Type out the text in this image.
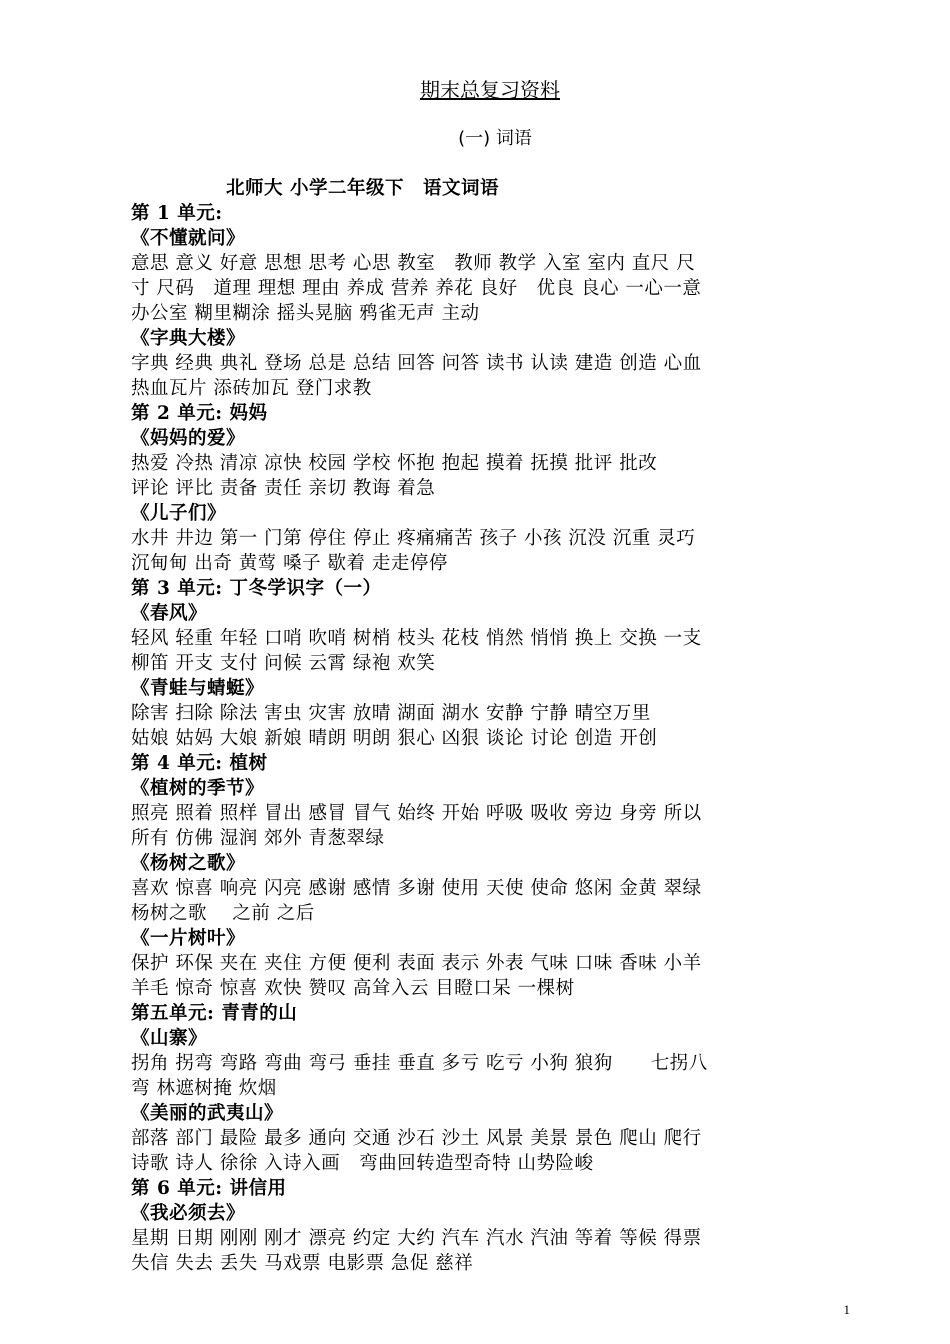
期末总复习资料
(一) 词语
北师大 小学二年级下　语文词语
第 1 单元:
《不懂就问》
意思 意义 好意 思想 思考 心思 教室　教师 教学 入室 室内 直尺 尺
寸 尺码　道理 理想 理由 养成 营养 养花 良好　优良 良心 一心一意
办公室 糊里糊涂 摇头晃脑 鸦雀无声 主动
《字典大楼》
字典 经典 典礼 登场 总是 总结 回答 问答 读书 认读 建造 创造 心血
热血瓦片 添砖加瓦 登门求教
第 2 单元: 妈妈
《妈妈的爱》
热爱 冷热 清凉 凉快 校园 学校 怀抱 抱起 摸着 抚摸 批评 批改
评论 评比 责备 责任 亲切 教诲 着急
《儿子们》
水井 井边 第一 门第 停住 停止 疼痛痛苦 孩子 小孩 沉没 沉重 灵巧
沉甸甸 出奇 黄莺 嗓子 歇着 走走停停
第 3 单元: 丁冬学识字（一）
《春风》
轻风 轻重 年轻 口哨 吹哨 树梢 枝头 花枝 悄然 悄悄 换上 交换 一支
柳笛 开支 支付 问候 云霄 绿袍 欢笑
《青蛙与蜻蜓》
除害 扫除 除法 害虫 灾害 放晴 湖面 湖水 安静 宁静 晴空万里
姑娘 姑妈 大娘 新娘 晴朗 明朗 狠心 凶狠 谈论 讨论 创造 开创
第 4 单元: 植树
《植树的季节》
照亮 照着 照样 冒出 感冒 冒气 始终 开始 呼吸 吸收 旁边 身旁 所以
所有 仿佛 湿润 郊外 青葱翠绿
《杨树之歌》
喜欢 惊喜 响亮 闪亮 感谢 感情 多谢 使用 天使 使命 悠闲 金黄 翠绿
杨树之歌　 之前 之后
《一片树叶》
保护 环保 夹在 夹住 方便 便利 表面 表示 外表 气味 口味 香味 小羊
羊毛 惊奇 惊喜 欢快 赞叹 高耸入云 目瞪口呆 一棵树
第五单元: 青青的山
《山寨》
拐角 拐弯 弯路 弯曲 弯弓 垂挂 垂直 多亏 吃亏 小狗 狼狗　　七拐八
弯 林遮树掩 炊烟
《美丽的武夷山》
部落 部门 最险 最多 通向 交通 沙石 沙土 风景 美景 景色 爬山 爬行
诗歌 诗人 徐徐 入诗入画　弯曲回转造型奇特 山势险峻
第 6 单元: 讲信用
《我必须去》
星期 日期 刚刚 刚才 漂亮 约定 大约 汽车 汽水 汽油 等着 等候 得票
失信 失去 丢失 马戏票 电影票 急促 慈祥
1
